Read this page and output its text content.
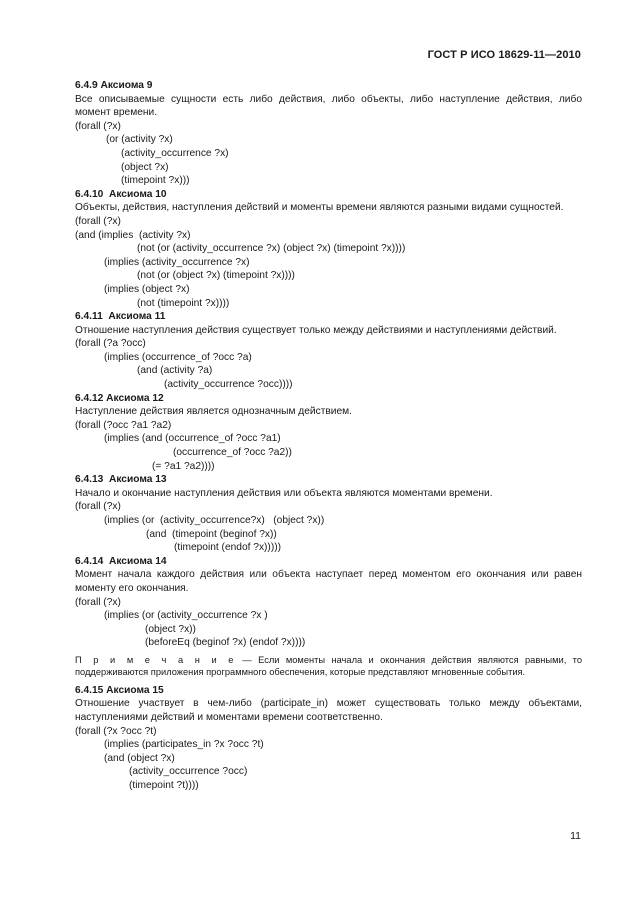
ГОСТ Р ИСО 18629-11—2010
6.4.9 Аксиома 9
Все описываемые сущности есть либо действия, либо объекты, либо наступление действия, либо момент времени.
(forall (?x)
(or (activity ?x)
(activity_occurrence ?x)
(object ?x)
(timepoint ?x)))
6.4.10  Аксиома 10
Объекты, действия, наступления действий и моменты времени являются разными видами сущностей.
(forall (?x)
(and (implies  (activity ?x)
(not (or (activity_occurrence ?x) (object ?x) (timepoint ?x))))
(implies (activity_occurrence ?x)
(not (or (object ?x) (timepoint ?x))))
(implies (object ?x)
(not (timepoint ?x))))
6.4.11  Аксиома 11
Отношение наступления действия существует только между действиями и наступлениями действий.
(forall (?a ?occ)
(implies (occurrence_of ?occ ?a)
(and (activity ?a)
(activity_occurrence ?occ))))
6.4.12 Аксиома 12
Наступление действия является однозначным действием.
(forall (?occ ?a1 ?a2)
(implies (and (occurrence_of ?occ ?a1)
(occurrence_of ?occ ?a2))
(= ?a1 ?a2))))
6.4.13  Аксиома 13
Начало и окончание наступления действия или объекта являются моментами времени.
(forall (?x)
(implies (or  (activity_occurrence?x)   (object ?x))
(and  (timepoint (beginof ?x))
(timepoint (endof ?x)))))
6.4.14  Аксиома 14
Момент начала каждого действия или объекта наступает перед моментом его окончания или равен моменту его окончания.
(forall (?x)
(implies (or (activity_occurrence ?x )
(object ?x))
(beforeEq (beginof ?x) (endof ?x))))
П р и м е ч а н и е — Если моменты начала и окончания действия являются равными, то поддерживаются приложения программного обеспечения, которые представляют мгновенные события.
6.4.15 Аксиома 15
Отношение участвует в чем-либо (participate_in) может существовать только между объектами, наступлениями действий и моментами времени соответственно.
(forall (?x ?occ ?t)
(implies (participates_in ?x ?occ ?t)
(and (object ?x)
(activity_occurrence ?occ)
(timepoint ?t))))
11
